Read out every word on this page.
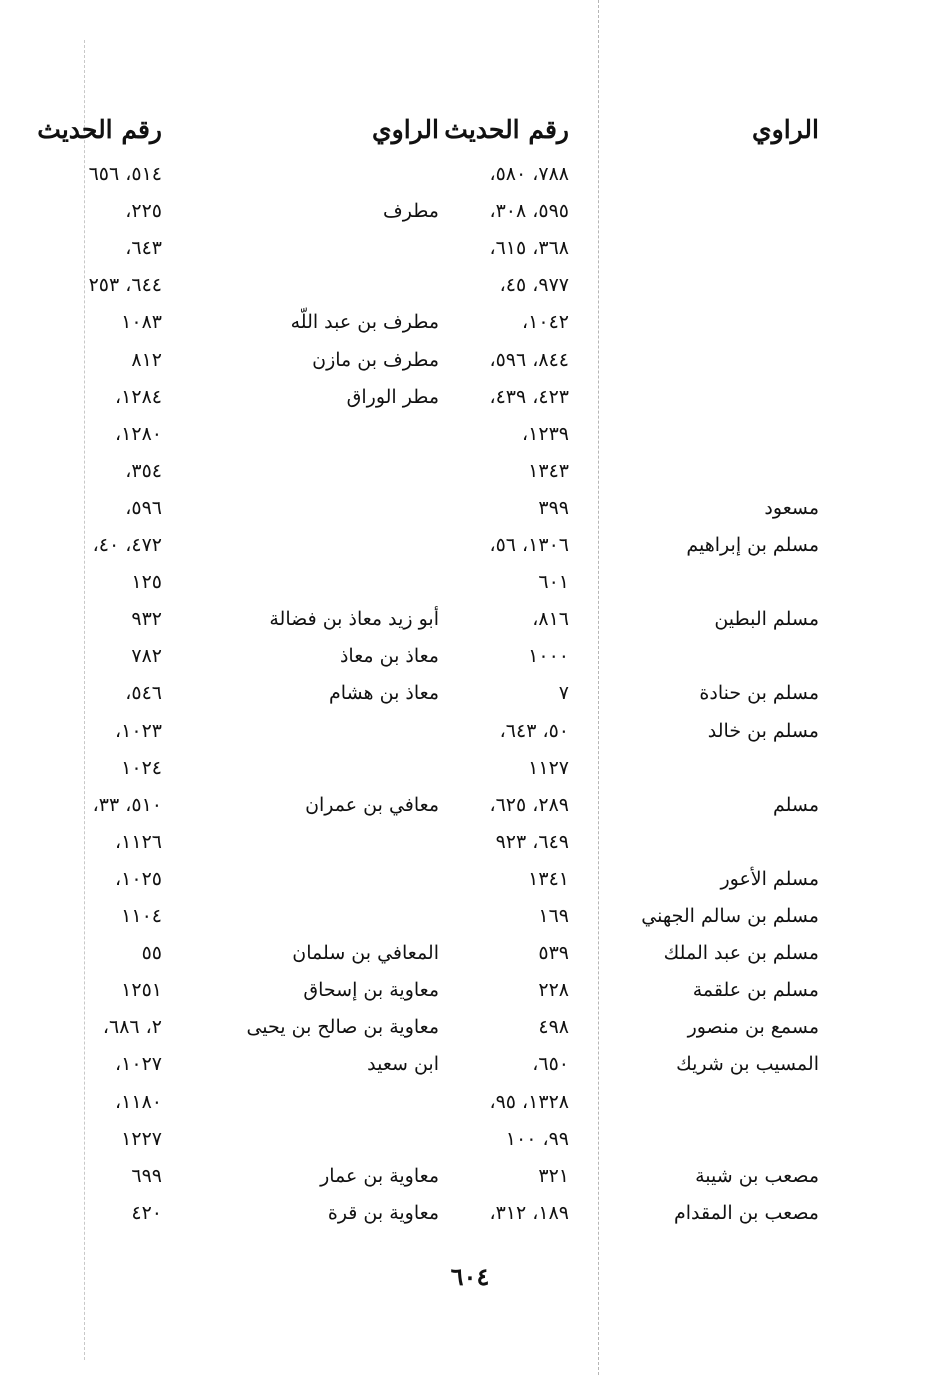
الراوي
رقم الحديث
الراوي
رقم الحديث
٧٨٨، ٥٨٠،
٥١٤، ٦٥٦
٥٩٥، ٣٠٨،
مطرف
٢٢٥،
٣٦٨، ٦١٥،
٦٤٣،
٩٧٧، ٤٥،
٦٤٤، ٢٥٣
١٠٤٢،
مطرف بن عبد اللّه
١٠٨٣
٨٤٤، ٥٩٦،
مطرف بن مازن
٨١٢
٤٢٣، ٤٣٩،
مطر الوراق
١٢٨٤،
١٢٣٩،
١٢٨٠،
١٣٤٣
٣٥٤،
مسعود
٣٩٩
٥٩٦،
مسلم بن إبراهيم
١٣٠٦، ٥٦،
٤٧٢، ٤٠،
٦٠١
١٢٥
مسلم البطين
٨١٦،
أبو زيد معاذ بن فضالة
٩٣٢
١٠٠٠
معاذ بن معاذ
٧٨٢
مسلم بن حنادة
٧
معاذ بن هشام
٥٤٦،
مسلم بن خالد
٥٠، ٦٤٣،
١٠٢٣،
١١٢٧
١٠٢٤
مسلم
٢٨٩، ٦٢٥،
معافي بن عمران
٥١٠، ٣٣،
٦٤٩، ٩٢٣
١١٢٦،
مسلم الأعور
١٣٤١
١٠٢٥،
مسلم بن سالم الجهني
١٦٩
١١٠٤
مسلم بن عبد الملك
٥٣٩
المعافي بن سلمان
٥٥
مسلم بن علقمة
٢٢٨
معاوية بن إسحاق
١٢٥١
مسمع بن منصور
٤٩٨
معاوية بن صالح بن يحيى
٢، ٦٨٦،
المسيب بن شريك
٦٥٠،
ابن سعيد
١٠٢٧،
١٣٢٨، ٩٥،
١١٨٠،
٩٩، ١٠٠
١٢٢٧
مصعب بن شيبة
٣٢١
معاوية بن عمار
٦٩٩
مصعب بن المقدام
١٨٩، ٣١٢،
معاوية بن قرة
٤٢٠
٦٠٤
